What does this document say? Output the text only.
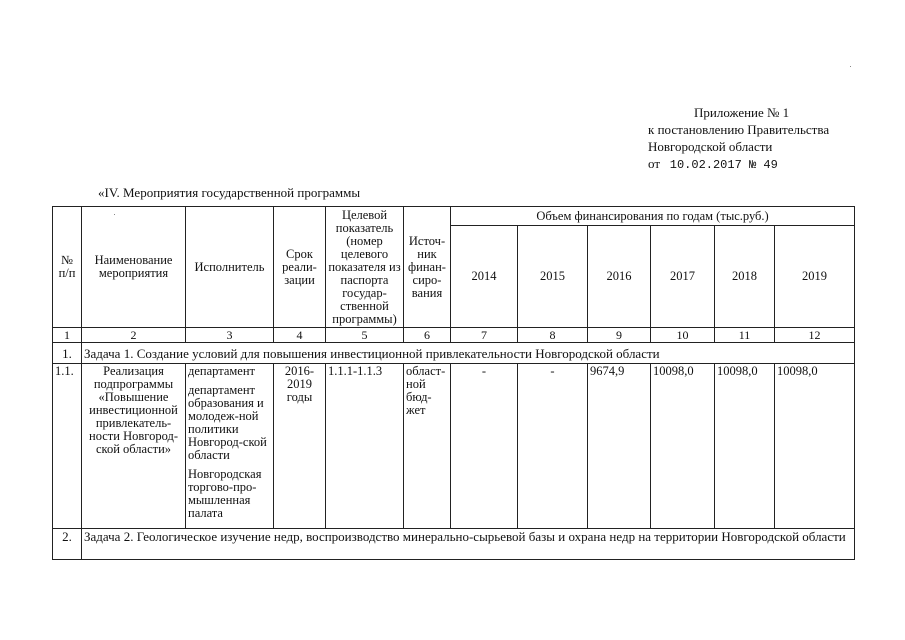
Приложение № 1
к постановлению Правительства
Новгородской области
от 10.02.2017 № 49
«IV. Мероприятия государственной программы
№ п/п	Наименование мероприятия	Исполнитель	Срок реали-зации	Целевой показатель (номер целевого показателя из паспорта государ-ственной программы)	Источ-ник финан-сиро-вания	Объем финансирования по годам (тыс.руб.)					
						2014	2015	2016	2017	2018	2019
1	2	3	4	5	6	7	8	9	10	11	12
1.	Задача 1. Создание условий для повышения инвестиционной привлекательности Новгородской области										
1.1.	Реализация подпрограммы «Повышение инвестиционной привлекатель-ности Новгород-ской области»	департамент
департамент образования и молодеж-ной политики Новгород-ской области
Новгородская торгово-про-мышленная палата	2016-2019 годы	1.1.1-1.1.3	област-ной бюд-жет	-	-	9674,9	10098,0	10098,0	10098,0
2.	Задача 2. Геологическое изучение недр, воспроизводство минерально-сырьевой базы и охрана недр на территории Новгородской области										
